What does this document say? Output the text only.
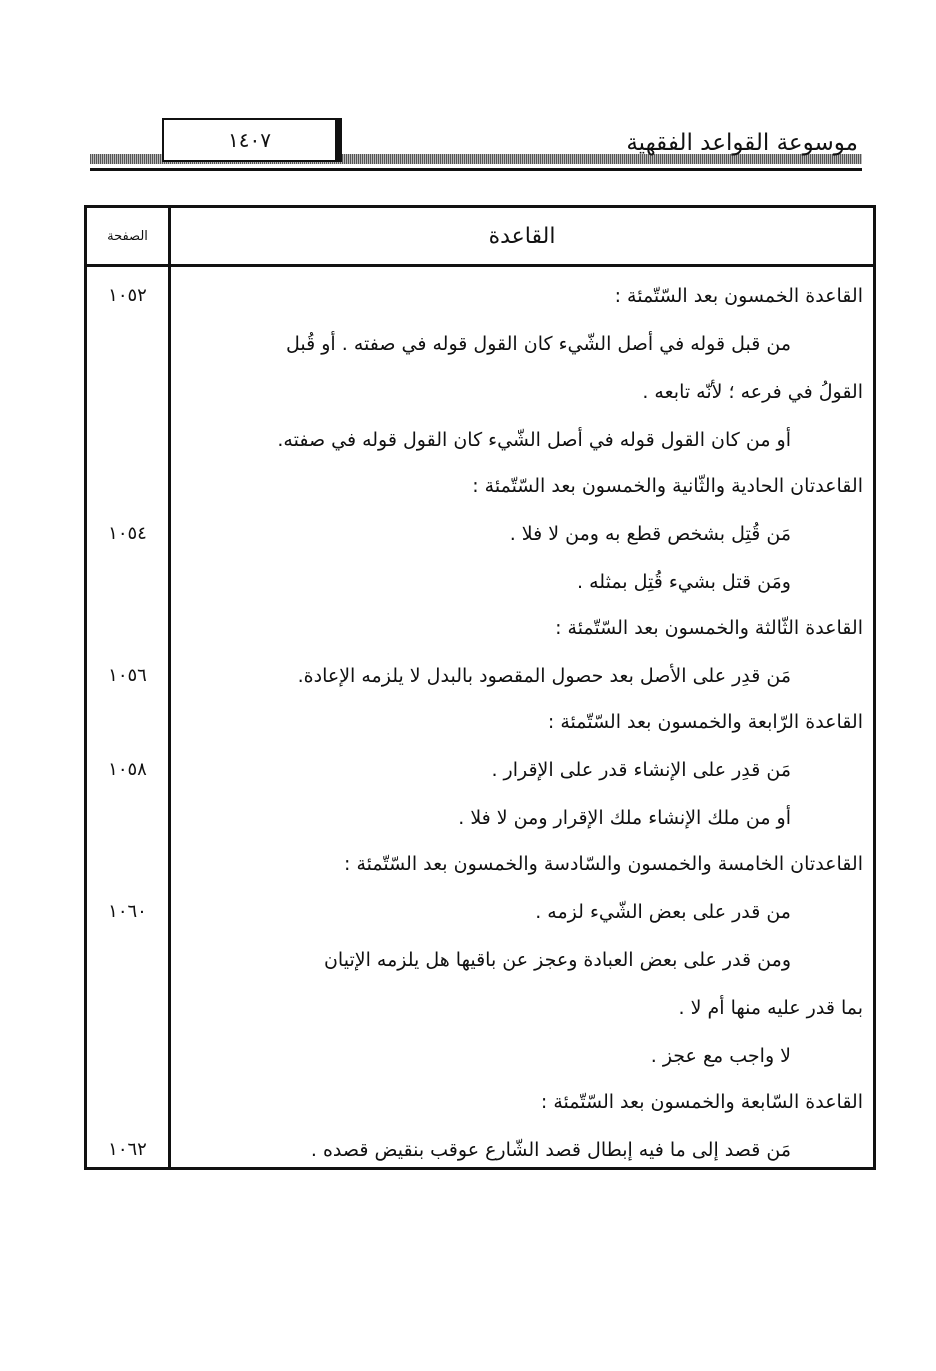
موسوعة القواعد الفقهية
١٤٠٧
الصفحة	القاعدة
القاعدة الخمسون بعد السّتّمئة :
من قبل قوله في أصل الشّيء كان القول قوله في صفته . أو قُبل
القولُ في فرعه ؛ لأنّه تابعه .
أو من كان القول قوله في أصل الشّيء كان القول قوله في صفته.
القاعدتان الحادية والثّانية والخمسون بعد السّتّمئة :
مَن قُتِل بشخص قطع به ومن لا فلا .
ومَن قتل بشيء قُتِل بمثله .
القاعدة الثّالثة والخمسون بعد السّتّمئة :
مَن قدِر على الأصل بعد حصول المقصود بالبدل لا يلزمه الإعادة.
القاعدة الرّابعة والخمسون بعد السّتّمئة :
مَن قدِر على الإنشاء قدر على الإقرار .
أو من ملك الإنشاء ملك الإقرار ومن لا فلا .
القاعدتان الخامسة والخمسون والسّادسة والخمسون بعد السّتّمئة :
من قدر على بعض الشّيء لزمه .
ومن قدر على بعض العبادة وعجز عن باقيها هل يلزمه الإتيان
بما قدر عليه منها أم لا .
لا واجب مع عجز .
القاعدة السّابعة والخمسون بعد السّتّمئة :
مَن قصد إلى ما فيه إبطال قصد الشّارع عوقب بنقيض قصده .
١٠٥٢
١٠٥٤
١٠٥٦
١٠٥٨
١٠٦٠
١٠٦٢
